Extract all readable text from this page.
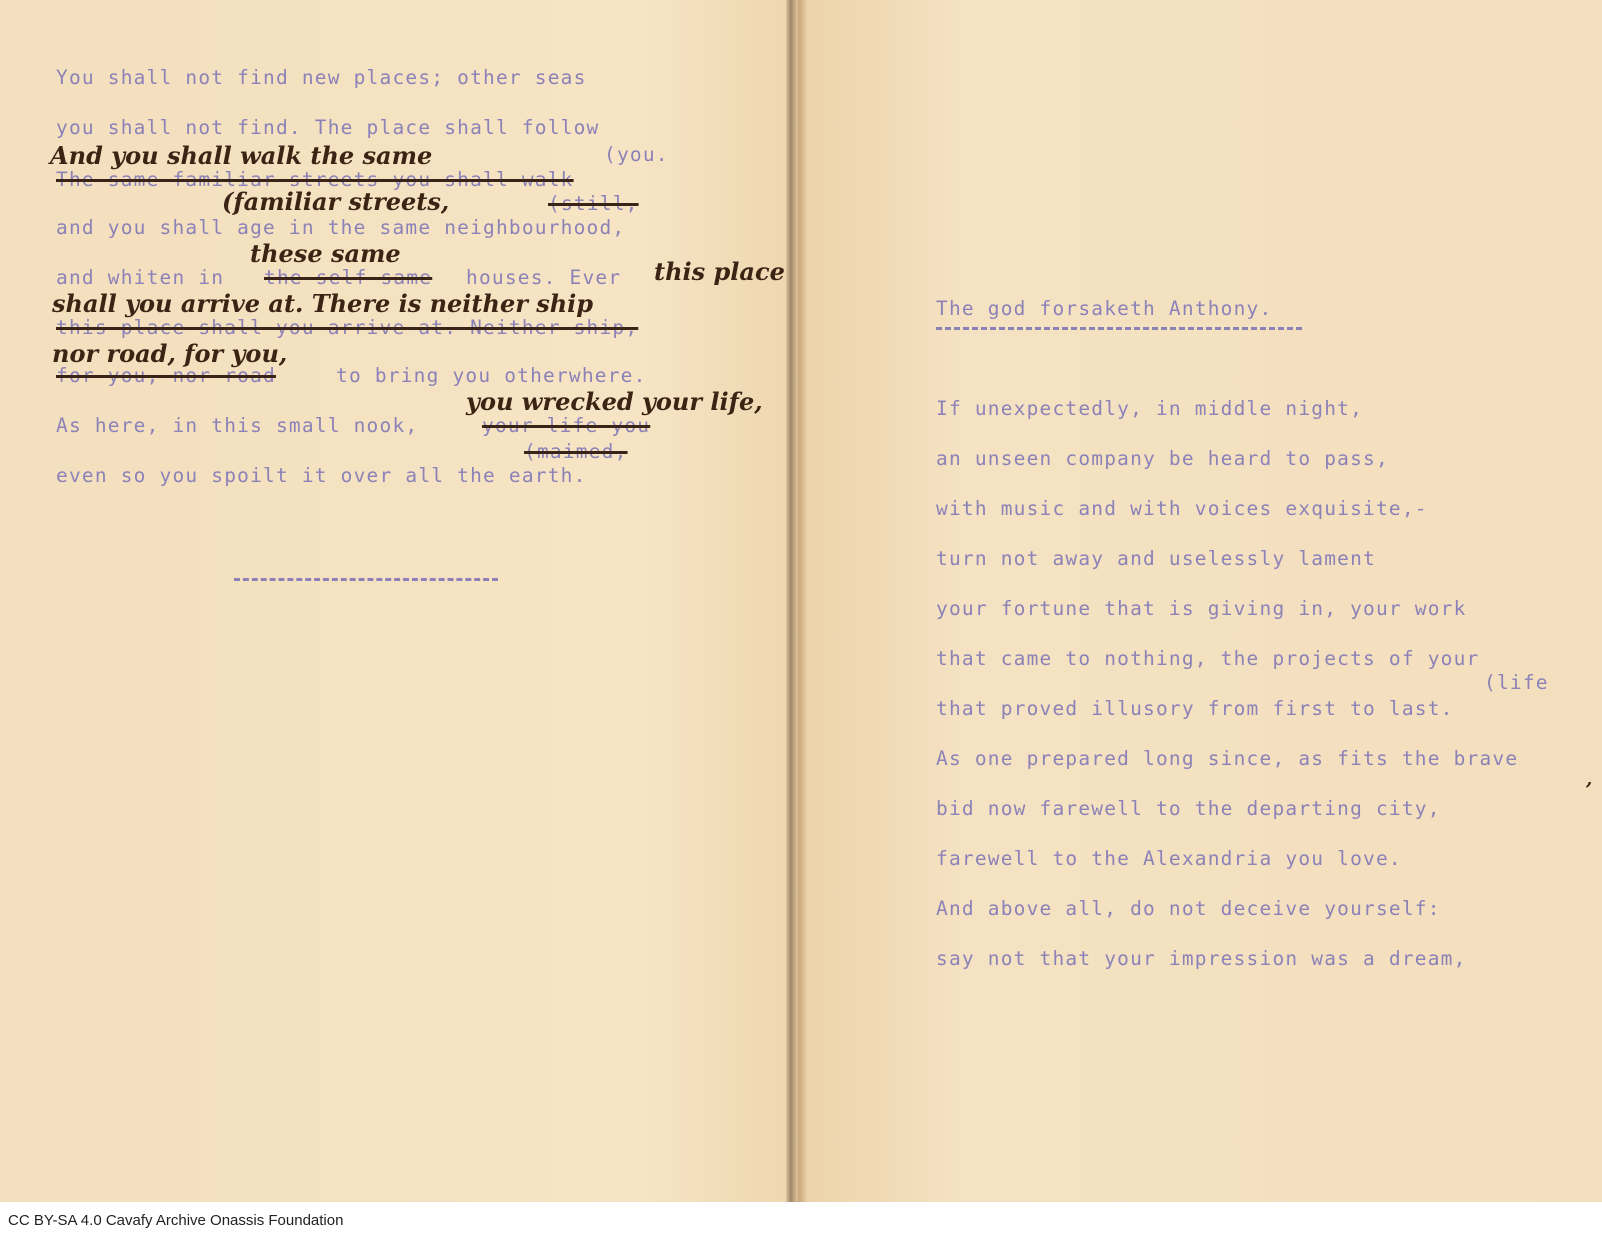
You shall not find new places; other seas
you shall not find. The place shall follow
(you.
And you shall walk the same
The same familiar streets you shall walk
(familiar streets,	(still,
and you shall age in the same neighbourhood,
these same
and whiten in the self-same houses. Ever this place
shall you arrive at. There is neither ship
this place shall you arrive at. Neither ship,
nor road, for you,
for you, nor road	to bring you otherwhere.
you wrecked your life,
As here, in this small nook,	your life you
(maimed,
even so you spoilt it over all the earth.
The god forsaketh Anthony.
If unexpectedly, in middle night,
an unseen company be heard to pass,
with music and with voices exquisite,-
turn not away and uselessly lament
your fortune that is giving in, your work
that came to nothing, the projects of your
(life
that proved illusory from first to last.
As one prepared long since, as fits the brave
,
bid now farewell to the departing city,
farewell to the Alexandria you love.
And above all, do not deceive yourself:
say not that your impression was a dream,
CC BY-SA 4.0 Cavafy Archive Onassis Foundation
